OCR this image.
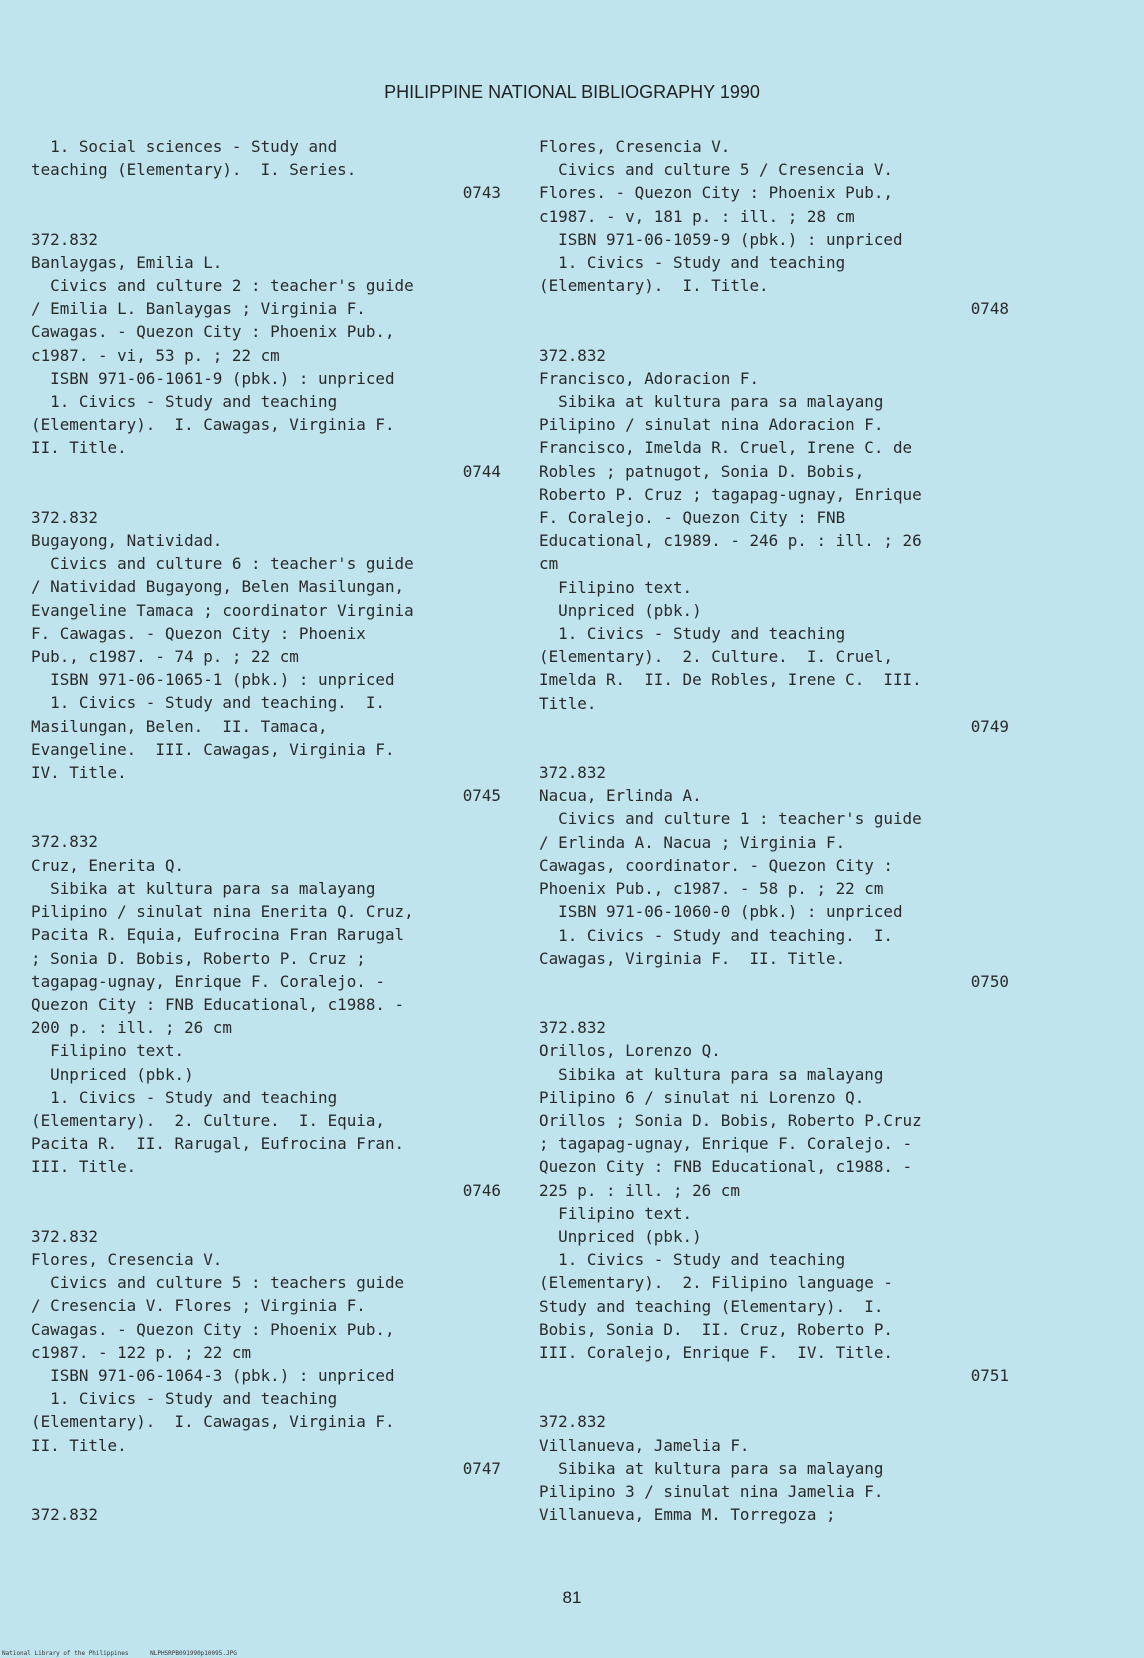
PHILIPPINE NATIONAL BIBLIOGRAPHY 1990
1. Social sciences - Study and
teaching (Elementary).  I. Series.
0743
372.832
Banlaygas, Emilia L.
Civics and culture 2 : teacher's guide
/ Emilia L. Banlaygas ; Virginia F.
Cawagas. - Quezon City : Phoenix Pub.,
c1987. - vi, 53 p. ; 22 cm
ISBN 971-06-1061-9 (pbk.) : unpriced
1. Civics - Study and teaching
(Elementary).  I. Cawagas, Virginia F.
II. Title.
0744
372.832
Bugayong, Natividad.
Civics and culture 6 : teacher's guide
/ Natividad Bugayong, Belen Masilungan,
Evangeline Tamaca ; coordinator Virginia
F. Cawagas. - Quezon City : Phoenix
Pub., c1987. - 74 p. ; 22 cm
ISBN 971-06-1065-1 (pbk.) : unpriced
1. Civics - Study and teaching.  I.
Masilungan, Belen.  II. Tamaca,
Evangeline.  III. Cawagas, Virginia F.
IV. Title.
0745
372.832
Cruz, Enerita Q.
Sibika at kultura para sa malayang
Pilipino / sinulat nina Enerita Q. Cruz,
Pacita R. Equia, Eufrocina Fran Rarugal
; Sonia D. Bobis, Roberto P. Cruz ;
tagapag-ugnay, Enrique F. Coralejo. -
Quezon City : FNB Educational, c1988. -
200 p. : ill. ; 26 cm
Filipino text.
Unpriced (pbk.)
1. Civics - Study and teaching
(Elementary).  2. Culture.  I. Equia,
Pacita R.  II. Rarugal, Eufrocina Fran.
III. Title.
0746
372.832
Flores, Cresencia V.
Civics and culture 5 : teachers guide
/ Cresencia V. Flores ; Virginia F.
Cawagas. - Quezon City : Phoenix Pub.,
c1987. - 122 p. ; 22 cm
ISBN 971-06-1064-3 (pbk.) : unpriced
1. Civics - Study and teaching
(Elementary).  I. Cawagas, Virginia F.
II. Title.
0747
372.832
Flores, Cresencia V.
Civics and culture 5 / Cresencia V.
Flores. - Quezon City : Phoenix Pub.,
c1987. - v, 181 p. : ill. ; 28 cm
ISBN 971-06-1059-9 (pbk.) : unpriced
1. Civics - Study and teaching
(Elementary).  I. Title.
0748
372.832
Francisco, Adoracion F.
Sibika at kultura para sa malayang
Pilipino / sinulat nina Adoracion F.
Francisco, Imelda R. Cruel, Irene C. de
Robles ; patnugot, Sonia D. Bobis,
Roberto P. Cruz ; tagapag-ugnay, Enrique
F. Coralejo. - Quezon City : FNB
Educational, c1989. - 246 p. : ill. ; 26
cm
Filipino text.
Unpriced (pbk.)
1. Civics - Study and teaching
(Elementary).  2. Culture.  I. Cruel,
Imelda R.  II. De Robles, Irene C.  III.
Title.
0749
372.832
Nacua, Erlinda A.
Civics and culture 1 : teacher's guide
/ Erlinda A. Nacua ; Virginia F.
Cawagas, coordinator. - Quezon City :
Phoenix Pub., c1987. - 58 p. ; 22 cm
ISBN 971-06-1060-0 (pbk.) : unpriced
1. Civics - Study and teaching.  I.
Cawagas, Virginia F.  II. Title.
0750
372.832
Orillos, Lorenzo Q.
Sibika at kultura para sa malayang
Pilipino 6 / sinulat ni Lorenzo Q.
Orillos ; Sonia D. Bobis, Roberto P.Cruz
; tagapag-ugnay, Enrique F. Coralejo. -
Quezon City : FNB Educational, c1988. -
225 p. : ill. ; 26 cm
Filipino text.
Unpriced (pbk.)
1. Civics - Study and teaching
(Elementary).  2. Filipino language -
Study and teaching (Elementary).  I.
Bobis, Sonia D.  II. Cruz, Roberto P.
III. Coralejo, Enrique F.  IV. Title.
0751
372.832
Villanueva, Jamelia F.
Sibika at kultura para sa malayang
Pilipino 3 / sinulat nina Jamelia F.
Villanueva, Emma M. Torregoza ;
81
National Library of the Philippines      NLPHSRPB091990p10095.JPG
